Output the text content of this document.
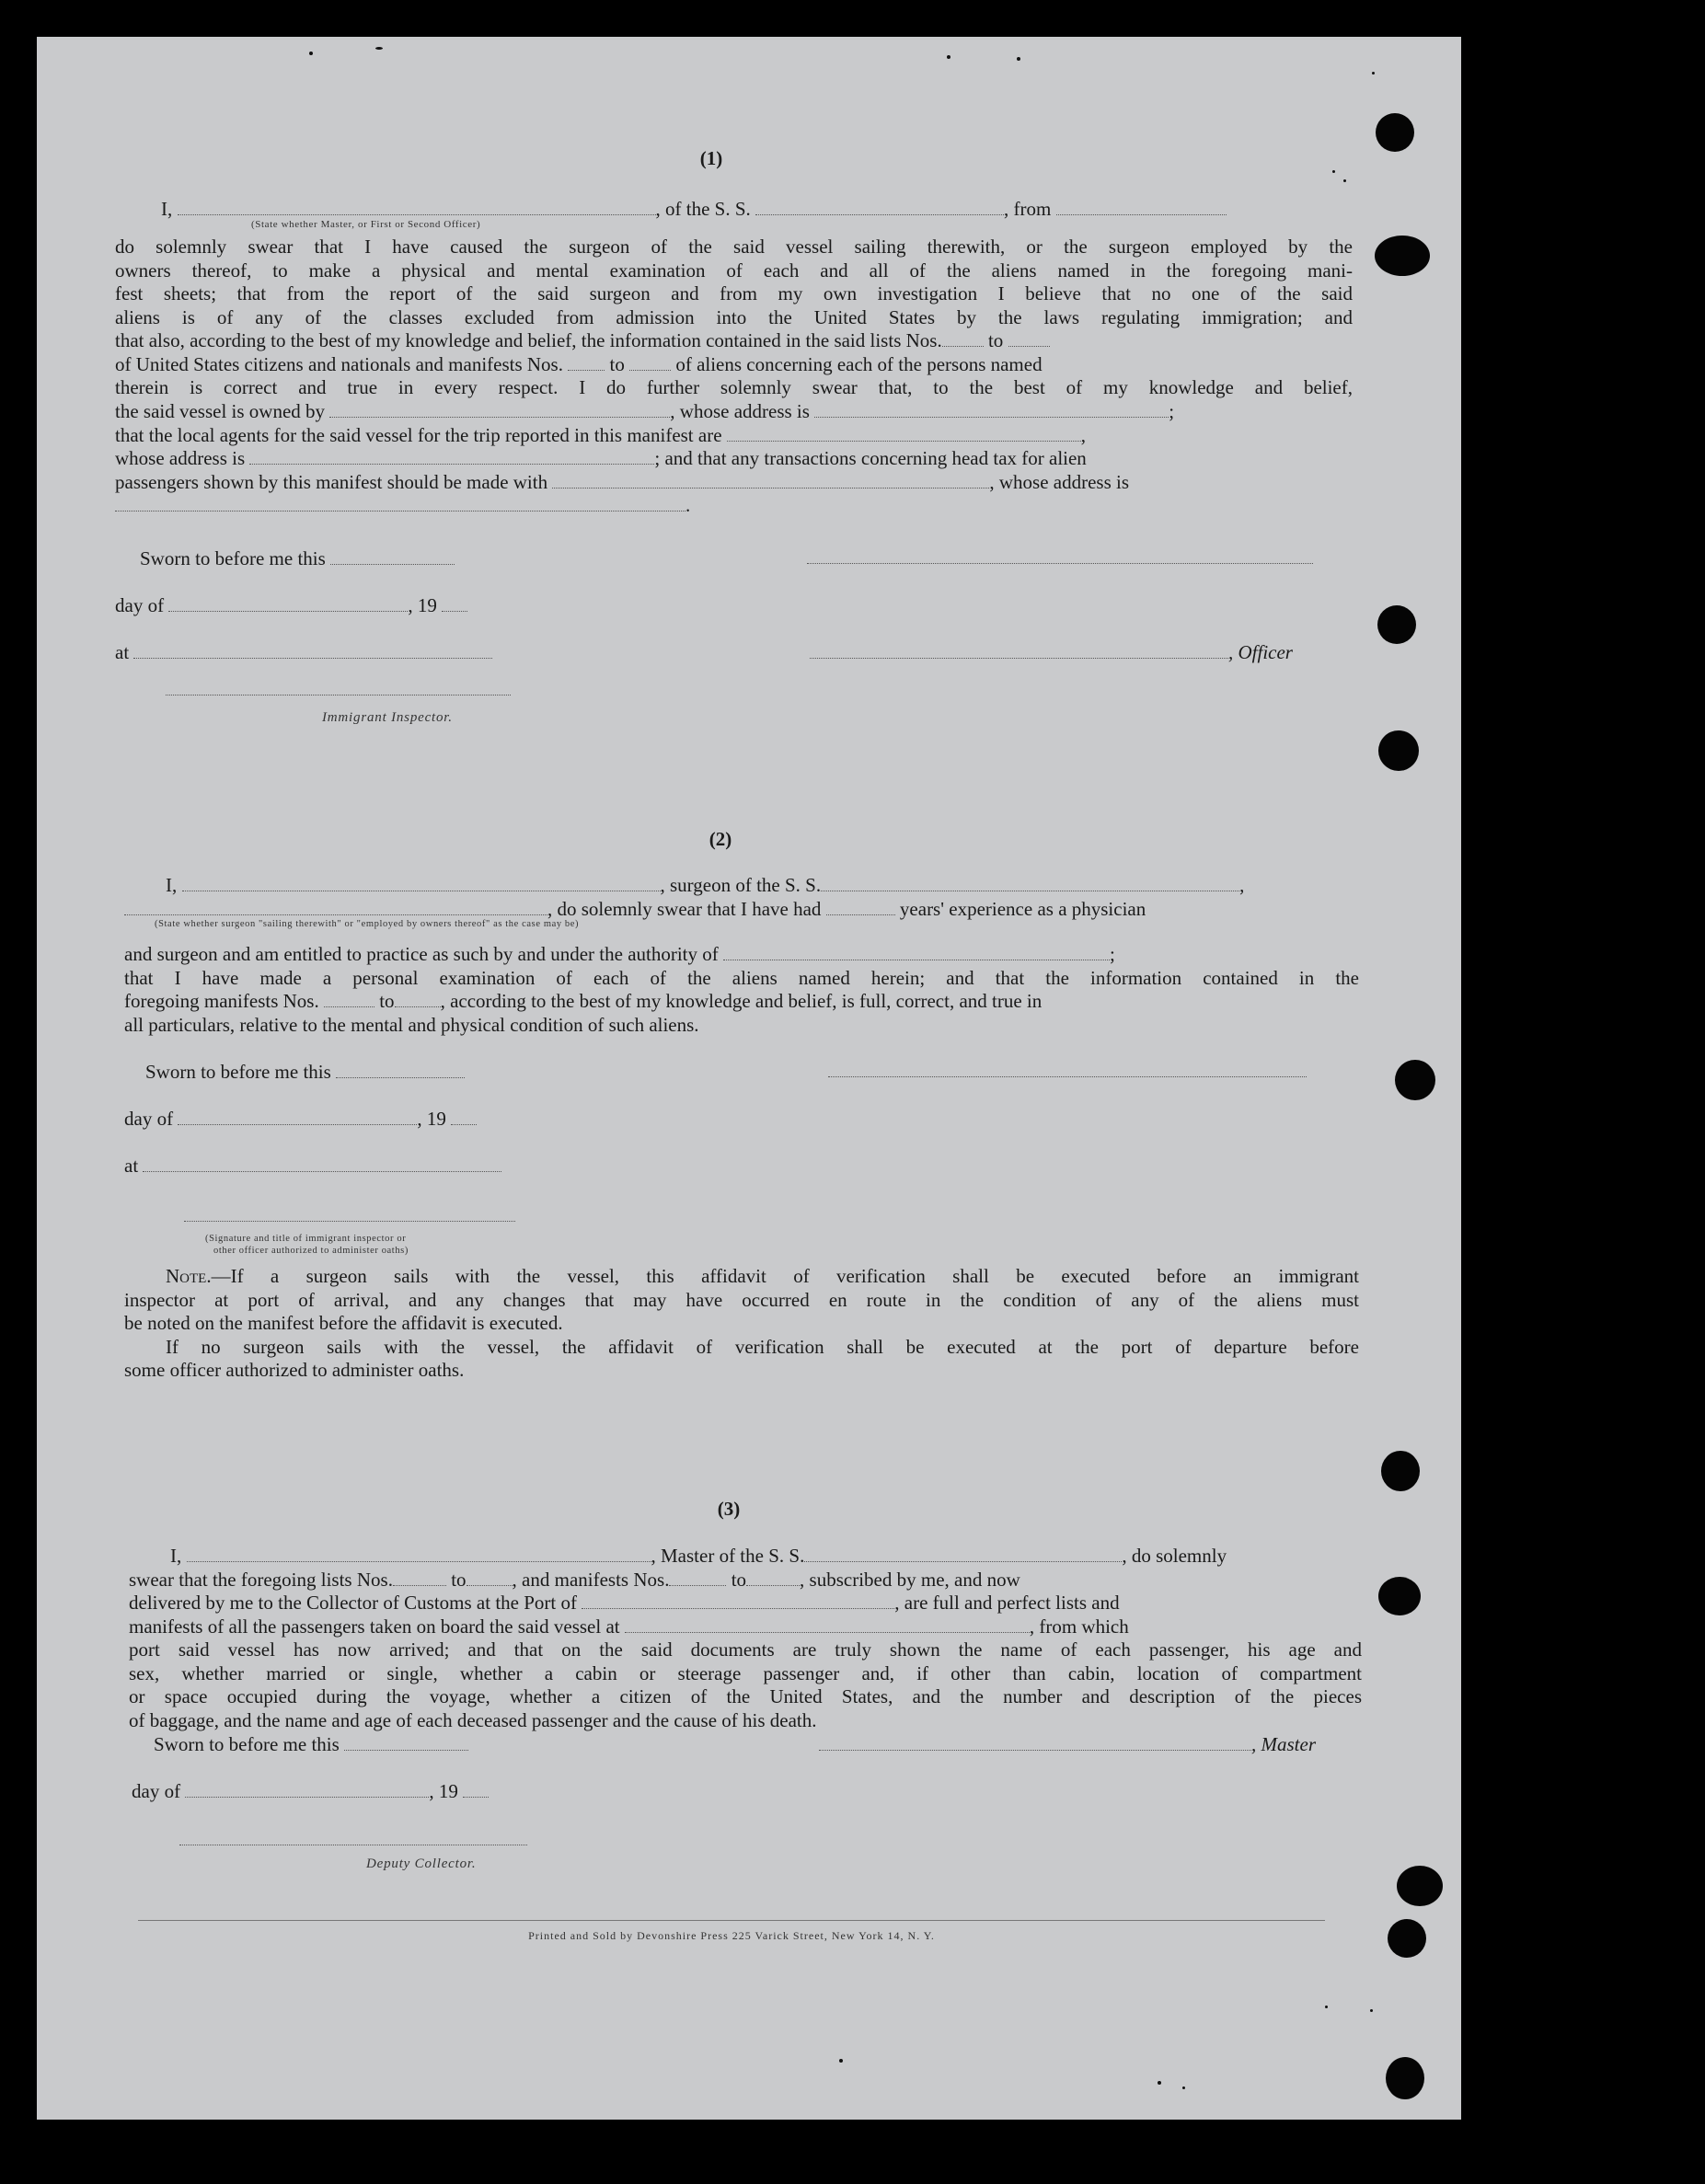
(1)
I,	, of the S. S.	, from
(State whether Master, or First or Second Officer)
do solemnly swear that I have caused the surgeon of the said vessel sailing therewith, or the surgeon employed by the
owners thereof, to make a physical and mental examination of each and all of the aliens named in the foregoing mani-
fest sheets; that from the report of the said surgeon and from my own investigation I believe that no one of the said
aliens is of any of the classes excluded from admission into the United States by the laws regulating immigration; and
that also, according to the best of my knowledge and belief, the information contained in the said lists Nos. to
of United States citizens and nationals and manifests Nos. to	of aliens concerning each of the persons named
therein is correct and true in every respect. I do further solemnly swear that, to the best of my knowledge and belief,
the said vessel is owned by	, whose address is	;
that the local agents for the said vessel for the trip reported in this manifest are	,
whose address is	; and that any transactions concerning head tax for alien
passengers shown by this manifest should be made with	, whose address is
.
Sworn to before me this
day of	, 19
at	, Officer
Immigrant Inspector.
(2)
I,	, surgeon of the S. S.	,
, do solemnly swear that I have had	years' experience as a physician
(State whether surgeon "sailing therewith" or "employed by owners thereof" as the case may be)
and surgeon and am entitled to practice as such by and under the authority of	;
that I have made a personal examination of each of the aliens named herein; and that the information contained in the
foregoing manifests Nos.	to , according to the best of my knowledge and belief, is full, correct, and true in
all particulars, relative to the mental and physical condition of such aliens.
Sworn to before me this
day of	, 19
at
(Signature and title of immigrant inspector or
other officer authorized to administer oaths)
Note.—If a surgeon sails with the vessel, this affidavit of verification shall be executed before an immigrant
inspector at port of arrival, and any changes that may have occurred en route in the condition of any of the aliens must
be noted on the manifest before the affidavit is executed.
If no surgeon sails with the vessel, the affidavit of verification shall be executed at the port of departure before
some officer authorized to administer oaths.
(3)
I,	, Master of the S. S.	, do solemnly
swear that the foregoing lists Nos.	to , and manifests Nos.	to	, subscribed by me, and now
delivered by me to the Collector of Customs at the Port of	, are full and perfect lists and
manifests of all the passengers taken on board the said vessel at	, from which
port said vessel has now arrived; and that on the said documents are truly shown the name of each passenger, his age and
sex, whether married or single, whether a cabin or steerage passenger and, if other than cabin, location of compartment
or space occupied during the voyage, whether a citizen of the United States, and the number and description of the pieces
of baggage, and the name and age of each deceased passenger and the cause of his death.
Sworn to before me this	, Master
day of	, 19
Deputy Collector.
Printed and Sold by Devonshire Press 225 Varick Street, New York 14, N. Y.
